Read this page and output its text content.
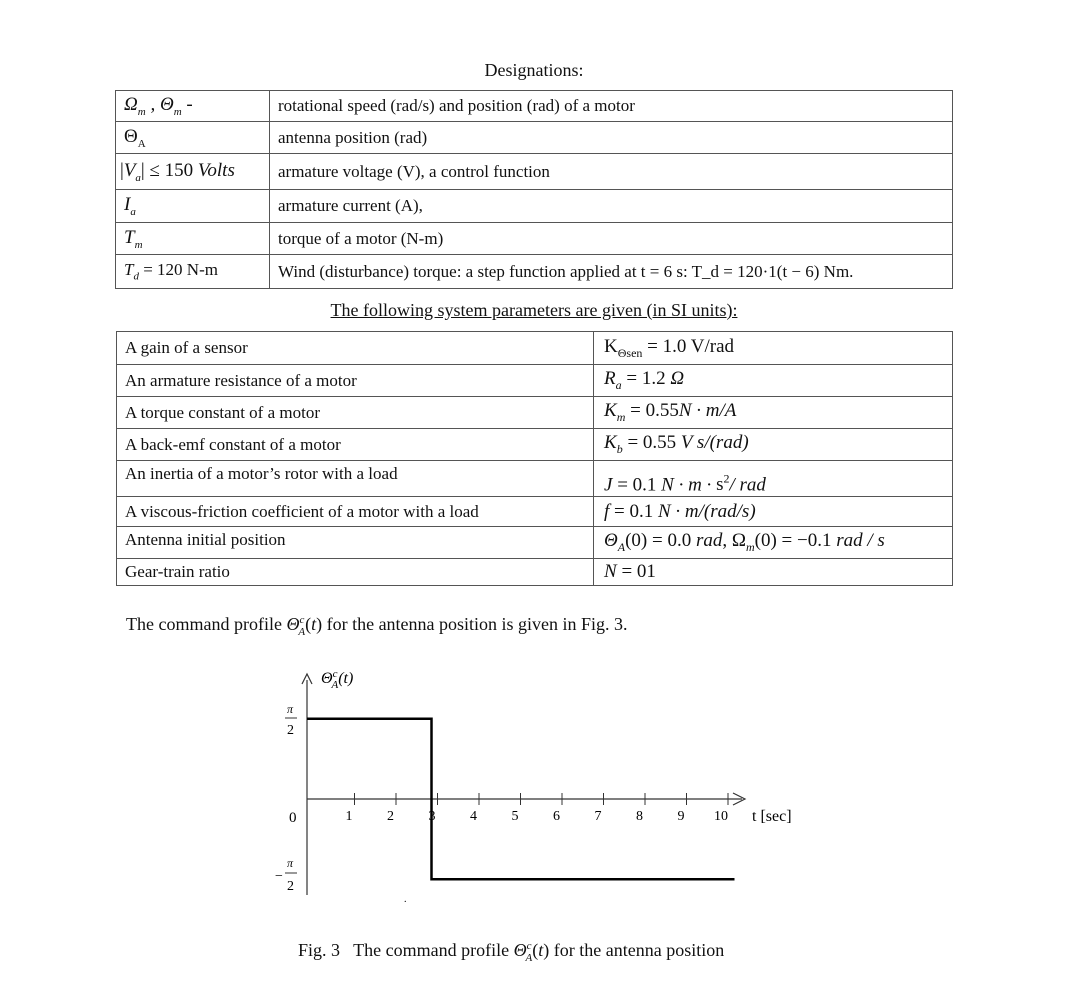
Designations:
$\Omega_m$ , $\Theta_m$ -	rotational speed (rad/s) and position (rad) of a motor
$\Theta_A$	antenna position (rad)
$|V_a| \le 150$ Volts	armature voltage (V), a control function
$I_a$	armature current (A),
$T_m$	torque of a motor (N-m)
$T_d = 120$ N-m	Wind (disturbance) torque: a step function applied at t = 6 s: T_d = 120·1(t − 6) Nm.
The following system parameters are given (in SI units):
A gain of a sensor	$K_{\Theta sen} = 1.0$ V/rad
An armature resistance of a motor	$R_a = 1.2$ Ω
A torque constant of a motor	$K_m = 0.55N \cdot m/A$
A back-emf constant of a motor	$K_b = 0.55$ V s/(rad)
An inertia of a motor’s rotor with a load	J = 0.1 $N \cdot m \cdot s^2/$ rad
A viscous-friction coefficient of a motor with a load	f = 0.1 N · m/(rad/s)
Antenna initial position	$\Theta_A(0) = 0.0$ rad, $\Omega_m(0) = -0.1$ rad / s
Gear-train ratio	N = 01
The command profile $\Theta^c_A(t)$ for the antenna position is given in Fig. 3.
$\Theta^c$ A(t)
t [sec]
π
2
0
−
π
2
1 2 3 4 5 6 7 8 9 10
.
Fig. 3   The command profile $\Theta^c_A(t)$ for the antenna position
